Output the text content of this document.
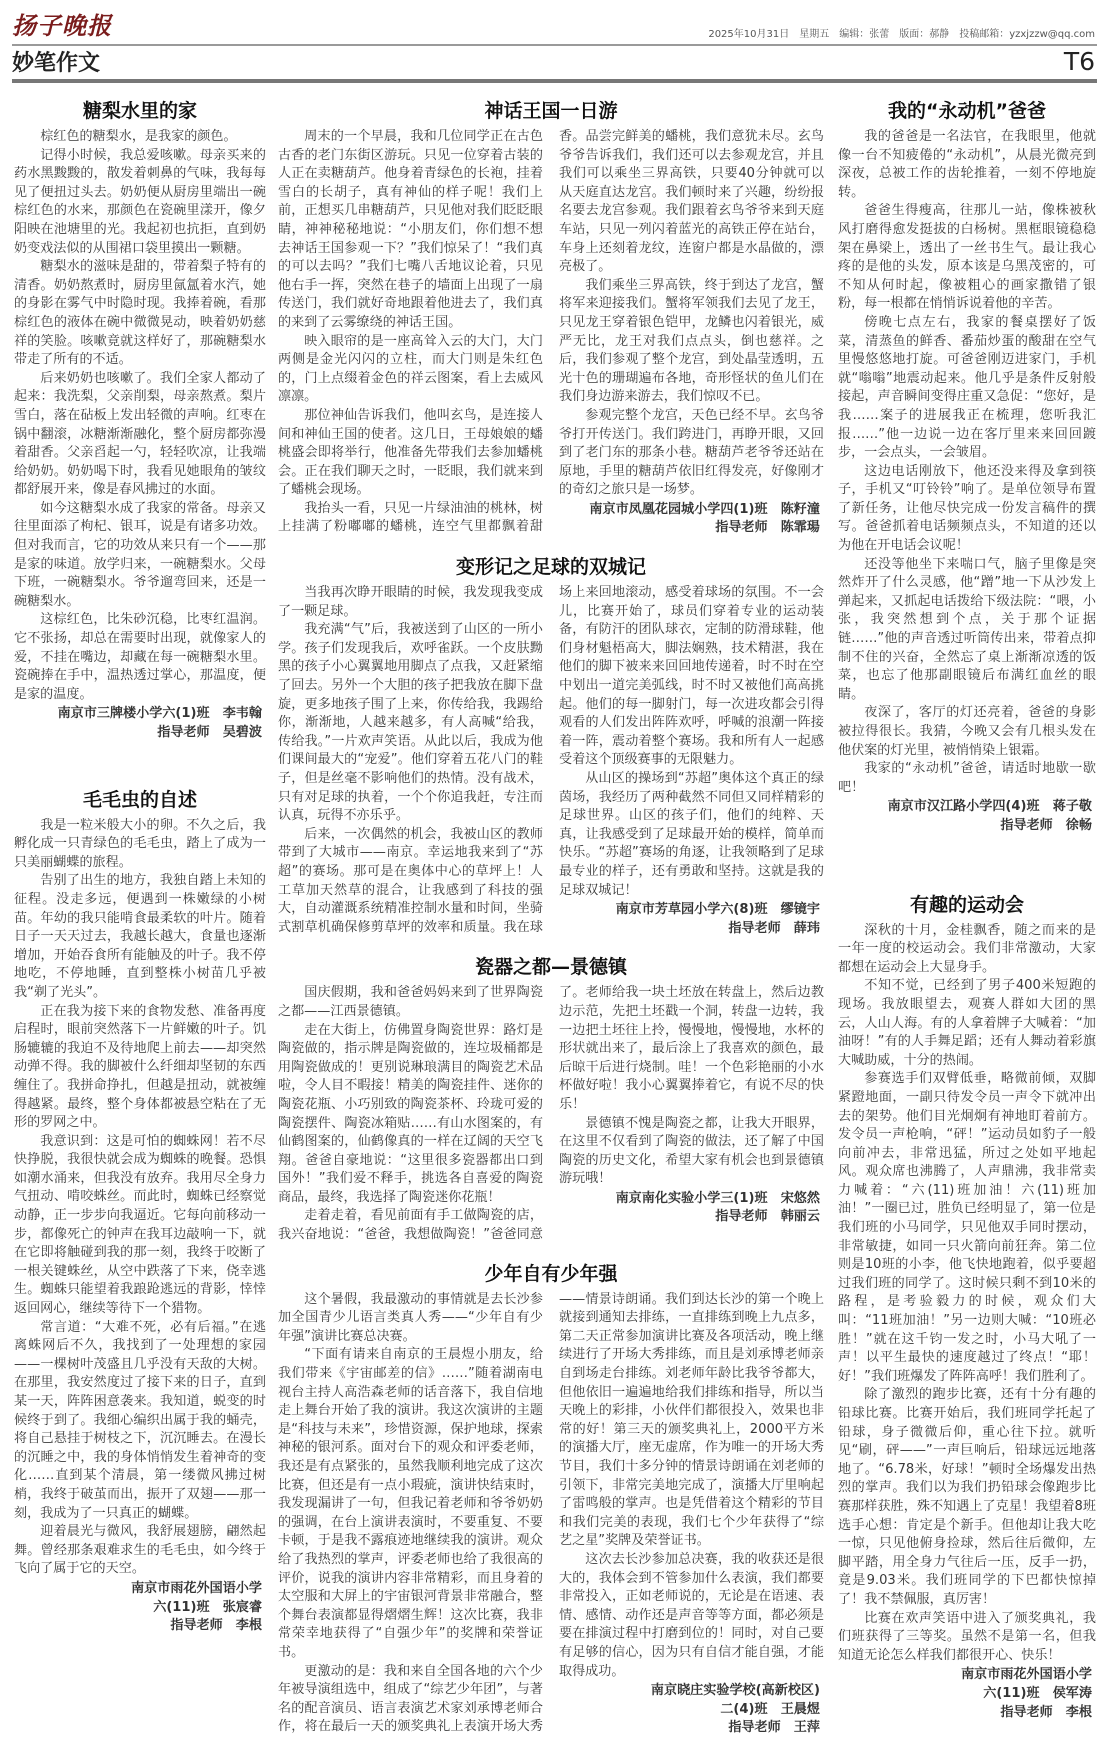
扬子晚报	2025年10月31日　星期五　编辑：张蕾　版面：郝静　投稿邮箱：yzxjzzw@qq.com
妙笔作文	T6
糖梨水里的家

棕红色的糖梨水，是我家的颜色。

记得小时候，我总爱咳嗽。母亲买来的药水黑黢黢的，散发着刺鼻的气味，我每每见了便扭过头去。奶奶便从厨房里端出一碗棕红色的水来，那颜色在瓷碗里漾开，像夕阳映在池塘里的光。我起初也抗拒，直到奶奶变戏法似的从围裙口袋里摸出一颗糖。

糖梨水的滋味是甜的，带着梨子特有的清香。奶奶熬煮时，厨房里氤氲着水汽，她的身影在雾气中时隐时现。我捧着碗，看那棕红色的液体在碗中微微晃动，映着奶奶慈祥的笑脸。咳嗽竟就这样好了，那碗糖梨水带走了所有的不适。

后来奶奶也咳嗽了。我们全家人都动了起来：我洗梨，父亲削梨，母亲熬煮。梨片雪白，落在砧板上发出轻微的声响。红枣在锅中翻滚，冰糖渐渐融化，整个厨房都弥漫着甜香。父亲舀起一勺，轻轻吹凉，让我端给奶奶。奶奶喝下时，我看见她眼角的皱纹都舒展开来，像是春风拂过的水面。

如今这糖梨水成了我家的常备。母亲又往里面添了枸杞、银耳，说是有诸多功效。但对我而言，它的功效从来只有一个——那是家的味道。放学归来，一碗糖梨水。父母下班，一碗糖梨水。爷爷遛弯回来，还是一碗糖梨水。

这棕红色，比朱砂沉稳，比枣红温润。它不张扬，却总在需要时出现，就像家人的爱，不挂在嘴边，却藏在每一碗糖梨水里。瓷碗捧在手中，温热透过掌心，那温度，便是家的温度。

南京市三牌楼小学六(1)班　李韦翰
指导老师　吴碧波
毛毛虫的自述

我是一粒米般大小的卵。不久之后，我孵化成一只青绿色的毛毛虫，踏上了成为一只美丽蝴蝶的旅程。

告别了出生的地方，我独自踏上未知的征程。没走多远，便遇到一株嫩绿的小树苗。年幼的我只能啃食最柔软的叶片。随着日子一天天过去，我越长越大，食量也逐渐增加，开始吞食所有能触及的叶子。我不停地吃，不停地睡，直到整株小树苗几乎被我“剃了光头”。

正在我为接下来的食物发愁、准备再度启程时，眼前突然落下一片鲜嫩的叶子。饥肠辘辘的我迫不及待地爬上前去——却突然动弹不得。我的脚被什么纤细却坚韧的东西缠住了。我拼命挣扎，但越是扭动，就被缠得越紧。最终，整个身体都被悬空粘在了无形的罗网之中。

我意识到：这是可怕的蜘蛛网！若不尽快挣脱，我很快就会成为蜘蛛的晚餐。恐惧如潮水涌来，但我没有放弃。我用尽全身力气扭动、啃咬蛛丝。而此时，蜘蛛已经察觉动静，正一步步向我逼近。它每向前移动一步，都像死亡的钟声在我耳边敲响一下，就在它即将触碰到我的那一刻，我终于咬断了一根关键蛛丝，从空中跌落了下来，侥幸逃生。蜘蛛只能望着我踉跄逃远的背影，悻悻返回网心，继续等待下一个猎物。

常言道：“大难不死，必有后福。”在逃离蛛网后不久，我找到了一处理想的家园——一棵树叶茂盛且几乎没有天敌的大树。在那里，我安然度过了接下来的日子，直到某一天，阵阵困意袭来。我知道，蜕变的时候终于到了。我细心编织出属于我的蛹壳，将自己悬挂于树枝之下，沉沉睡去。在漫长的沉睡之中，我的身体悄悄发生着神奇的变化……直到某个清晨，第一缕微风拂过树梢，我终于破茧而出，振开了双翅——那一刻，我成为了一只真正的蝴蝶。

迎着晨光与微风，我舒展翅膀，翩然起舞。曾经那条艰难求生的毛毛虫，如今终于飞向了属于它的天空。

南京市雨花外国语小学
六(11)班　张宸睿
指导老师　李根
神话王国一日游

周末的一个早晨，我和几位同学正在古色古香的老门东街区游玩。只见一位穿着古装的人正在卖糖葫芦。他身着青绿色的长袍，挂着雪白的长胡子，真有神仙的样子呢！我们上前，正想买几串糖葫芦，只见他对我们眨眨眼睛，神神秘秘地说：“小朋友们，你们想不想去神话王国参观一下？”我们惊呆了！“我们真的可以去吗？”我们七嘴八舌地议论着，只见他右手一挥，突然在巷子的墙面上出现了一扇传送门，我们就好奇地跟着他进去了，我们真的来到了云雾缭绕的神话王国。

映入眼帘的是一座高耸入云的大门，大门两侧是金光闪闪的立柱，而大门则是朱红色的，门上点缀着金色的祥云图案，看上去威风凛凛。

那位神仙告诉我们，他叫玄鸟，是连接人间和神仙王国的使者。这几日，王母娘娘的蟠桃盛会即将举行，他准备先带我们去参加蟠桃会。正在我们聊天之时，一眨眼，我们就来到了蟠桃会现场。

我抬头一看，只见一片绿油油的桃林，树上挂满了粉嘟嘟的蟠桃，连空气里都飘着甜香。品尝完鲜美的蟠桃，我们意犹未尽。玄鸟爷爷告诉我们，我们还可以去参观龙宫，并且我们可以乘坐三界高铁，只要40分钟就可以从天庭直达龙宫。我们顿时来了兴趣，纷纷报名要去龙宫参观。我们跟着玄鸟爷爷来到天庭车站，只见一列闪着蓝光的高铁正停在站台，车身上还刻着龙纹，连窗户都是水晶做的，漂亮极了。

我们乘坐三界高铁，终于到达了龙宫，蟹将军来迎接我们。蟹将军领我们去见了龙王，只见龙王穿着银色铠甲，龙鳞也闪着银光，威严无比，龙王对我们点点头，倒也慈祥。之后，我们参观了整个龙宫，到处晶莹透明，五光十色的珊瑚遍布各地，奇形怪状的鱼儿们在我们身边游来游去，我们惊叹不已。

参观完整个龙宫，天色已经不早。玄鸟爷爷打开传送门。我们跨进门，再睁开眼，又回到了老门东的那条小巷。糖葫芦老爷爷还站在原地，手里的糖葫芦依旧红得发亮，好像刚才的奇幻之旅只是一场梦。

南京市凤凰花园城小学四(1)班　陈籽潼
指导老师　陈霏瑒
变形记之足球的双城记

当我再次睁开眼睛的时候，我发现我变成了一颗足球。

我充满“气”后，我被送到了山区的一所小学。孩子们发现我后，欢呼雀跃。一个皮肤黝黑的孩子小心翼翼地用脚点了点我，又赶紧缩了回去。另外一个大胆的孩子把我放在脚下盘旋，更多地孩子围了上来，你传给我，我踢给你，渐渐地，人越来越多，有人高喊“给我，传给我。”一片欢声笑语。从此以后，我成为他们课间最大的“宠爱”。他们穿着五花八门的鞋子，但是丝毫不影响他们的热情。没有战术，只有对足球的执着，一个个你追我赶，专注而认真，玩得不亦乐乎。

后来，一次偶然的机会，我被山区的教师带到了大城市——南京。幸运地我来到了“苏超”的赛场。那可是在奥体中心的草坪上！人工草加天然草的混合，让我感到了科技的强大，自动灌溉系统精准控制水量和时间，坐骑式割草机确保修剪草坪的效率和质量。我在球场上来回地滚动，感受着球场的氛围。不一会儿，比赛开始了，球员们穿着专业的运动装备，有防汗的团队球衣，定制的防滑球鞋，他们身材魁梧高大，脚法娴熟，技术精湛，我在他们的脚下被来来回回地传递着，时不时在空中划出一道完美弧线，时不时又被他们高高挑起。他们的每一脚射门，每一次进攻都会引得观看的人们发出阵阵欢呼，呼喊的浪潮一阵接着一阵，震动着整个赛场。我和所有人一起感受着这个顶级赛事的无限魅力。

从山区的操场到“苏超”奥体这个真正的绿茵场，我经历了两种截然不同但又同样精彩的足球世界。山区的孩子们，他们的纯粹、天真，让我感受到了足球最开始的模样，简单而快乐。“苏超”赛场的角逐，让我领略到了足球最专业的样子，还有勇敢和坚持。这就是我的足球双城记！

南京市芳草园小学六(8)班　缪镜宇
指导老师　薛玮
瓷器之都—景德镇

国庆假期，我和爸爸妈妈来到了世界陶瓷之都——江西景德镇。

走在大街上，仿佛置身陶瓷世界：路灯是陶瓷做的，指示牌是陶瓷做的，连垃圾桶都是用陶瓷做成的！更别说琳琅满目的陶瓷艺术品啦，令人目不暇接！精美的陶瓷挂件、迷你的陶瓷花瓶、小巧别致的陶瓷茶杯、玲珑可爱的陶瓷摆件、陶瓷冰箱贴……有山水图案的，有仙鹤图案的，仙鹤像真的一样在辽阔的天空飞翔。爸爸自豪地说：“这里很多瓷器都出口到国外！”我们爱不释手，挑选各自喜爱的陶瓷商品，最终，我选择了陶瓷迷你花瓶！

走着走着，看见前面有手工做陶瓷的店，我兴奋地说：“爸爸，我想做陶瓷！”爸爸同意了。老师给我一块土坯放在转盘上，然后边教边示范，先把土坯戳一个洞，转盘一边转，我一边把土坯往上拎，慢慢地，慢慢地，水杯的形状就出来了，最后涂上了我喜欢的颜色，最后晾干后进行烧制。哇！一个色彩艳丽的小水杯做好啦！我小心翼翼捧着它，有说不尽的快乐！

景德镇不愧是陶瓷之都，让我大开眼界，在这里不仅看到了陶瓷的做法，还了解了中国陶瓷的历史文化，希望大家有机会也到景德镇游玩哦！

南京南化实验小学三(1)班　宋悠然
指导老师　韩丽云
少年自有少年强

这个暑假，我最激动的事情就是去长沙参加全国青少儿语言类真人秀——“少年自有少年强”演讲比赛总决赛。

“下面有请来自南京的王晨煜小朋友，给我们带来《宇宙邮差的信》……”随着湖南电视台主持人高浩森老师的话音落下，我自信地走上舞台开始了我的演讲。我这次演讲的主题是“科技与未来”，珍惜资源，保护地球，探索神秘的银河系。面对台下的观众和评委老师，我还是有点紧张的，虽然我顺利地完成了这次比赛，但还是有一点小瑕疵，演讲快结束时，我发现漏讲了一句，但我记着老师和爷爷奶奶的强调，在台上演讲表演时，不要重复、不要卡顿，于是我不露痕迹地继续我的演讲。观众给了我热烈的掌声，评委老师也给了我很高的评价，说我的演讲内容非常精彩，而且身着的太空服和大屏上的宇宙银河背景非常融合，整个舞台表演都显得熠熠生辉！这次比赛，我非常荣幸地获得了“自强少年”的奖牌和荣誉证书。

更激动的是：我和来自全国各地的六个少年被导演组选中，组成了“综艺少年团”，与著名的配音演员、语言表演艺术家刘承博老师合作，将在最后一天的颁奖典礼上表演开场大秀——情景诗朗诵。我们到达长沙的第一个晚上就接到通知去排练，一直排练到晚上九点多，第二天正常参加演讲比赛及各项活动，晚上继续进行了开场大秀排练，而且是刘承博老师亲自到场走台排练。刘老师年龄比我爷爷都大，但他依旧一遍遍地给我们排练和指导，所以当天晚上的彩排，小伙伴们都很投入，效果也非常的好！第三天的颁奖典礼上，2000平方米的演播大厅，座无虚席，作为唯一的开场大秀节目，我们十多分钟的情景诗朗诵在刘老师的引领下，非常完美地完成了，演播大厅里响起了雷鸣般的掌声。也是凭借着这个精彩的节目和我们完美的表现，我们七个少年获得了“综艺之星”奖牌及荣誉证书。

这次去长沙参加总决赛，我的收获还是很大的，我体会到不管参加什么表演，我们都要非常投入，正如老师说的，无论是在语速、表情、感情、动作还是声音等等方面，都必须是要在排演过程中打磨到位的！同时，对自己要有足够的信心，因为只有自信才能自强，才能取得成功。

南京晓庄实验学校(高新校区)
二(4)班　王晨煜
指导老师　王萍
我的“永动机”爸爸

我的爸爸是一名法官，在我眼里，他就像一台不知疲倦的“永动机”，从晨光微亮到深夜，总被工作的齿轮推着，一刻不停地旋转。

爸爸生得瘦高，往那儿一站，像株被秋风打磨得愈发挺拔的白杨树。黑框眼镜稳稳架在鼻梁上，透出了一丝书生气。最让我心疼的是他的头发，原本该是乌黑茂密的，可不知从何时起，像被粗心的画家撒错了银粉，每一根都在悄悄诉说着他的辛苦。

傍晚七点左右，我家的餐桌摆好了饭菜，清蒸鱼的鲜香、番茄炒蛋的酸甜在空气里慢悠悠地打旋。可爸爸刚迈进家门，手机就“嗡嗡”地震动起来。他几乎是条件反射般接起，声音瞬间变得庄重又急促：“您好，是我……案子的进展我正在梳理，您听我汇报……”他一边说一边在客厅里来来回回踱步，一会点头，一会皱眉。

这边电话刚放下，他还没来得及拿到筷子，手机又“叮铃铃”响了。是单位领导布置了新任务，让他尽快完成一份发言稿件的撰写。爸爸抓着电话频频点头，不知道的还以为他在开电话会议呢！

还没等他坐下来喘口气，脑子里像是突然炸开了什么灵感，他“蹭”地一下从沙发上弹起来，又抓起电话拨给下级法院：“喂，小张，我突然想到个点，关于那个证据链……”他的声音透过听筒传出来，带着点抑制不住的兴奋，全然忘了桌上渐渐凉透的饭菜，也忘了他那副眼镜后布满红血丝的眼睛。

夜深了，客厅的灯还亮着，爸爸的身影被拉得很长。我猜，今晚又会有几根头发在他伏案的灯光里，被悄悄染上银霜。

我家的“永动机”爸爸，请适时地歇一歇吧！

南京市汉江路小学四(4)班　蒋子敬
指导老师　徐畅
有趣的运动会

深秋的十月，金桂飘香，随之而来的是一年一度的校运动会。我们非常激动，大家都想在运动会上大显身手。

不知不觉，已经到了男子400米短跑的现场。我放眼望去，观赛人群如大团的黑云，人山人海。有的人拿着牌子大喊着：“加油呀！”有的人手舞足蹈；还有人舞动着彩旗大喊助威，十分的热闹。

参赛选手们双臂低垂，略微前倾，双脚紧蹬地面，一副只待发令员一声令下就冲出去的架势。他们目光炯炯有神地盯着前方。发令员一声枪响，“砰！”运动员如豹子一般向前冲去，非常迅猛，所过之处如平地起风。观众席也沸腾了，人声鼎沸，我非常卖力喊着：“六(11)班加油！六(11)班加油！”一圈已过，胜负已经明显了，第一位是我们班的小马同学，只见他双手同时摆动，非常敏捷，如同一只火箭向前狂奔。第二位则是10班的小李，他飞快地跑着，似乎要超过我们班的同学了。这时候只剩不到10米的路程，是考验毅力的时候，观众们大叫：“11班加油！”另一边则大喊：“10班必胜！”就在这千钧一发之时，小马大吼了一声！以平生最快的速度越过了终点！“耶！好！”我们班爆发了阵阵高呼！我们胜利了。

除了激烈的跑步比赛，还有十分有趣的铅球比赛。比赛开始后，我们班同学托起了铅球，身子微微后仰，重心往下拉。就听见“刷，砰——”一声巨响后，铅球远远地落地了。“6.78米，好球！”顿时全场爆发出热烈的掌声。我们以为我们扔铅球会像跑步比赛那样获胜，殊不知遇上了克星！我望着8班选手心想：肯定是个新手。但他却让我大吃一惊，只见他俯身捡球，然后往后微仰，左脚平踏，用全身力气往后一压，反手一扔，竟是9.03米。我们班同学的下巴都快惊掉了！我不禁佩服，真厉害！

比赛在欢声笑语中进入了颁奖典礼，我们班获得了三等奖。虽然不是第一名，但我知道无论怎么样我们都很开心、快乐！

南京市雨花外国语小学
六(11)班　侯军涛
指导老师　李根
